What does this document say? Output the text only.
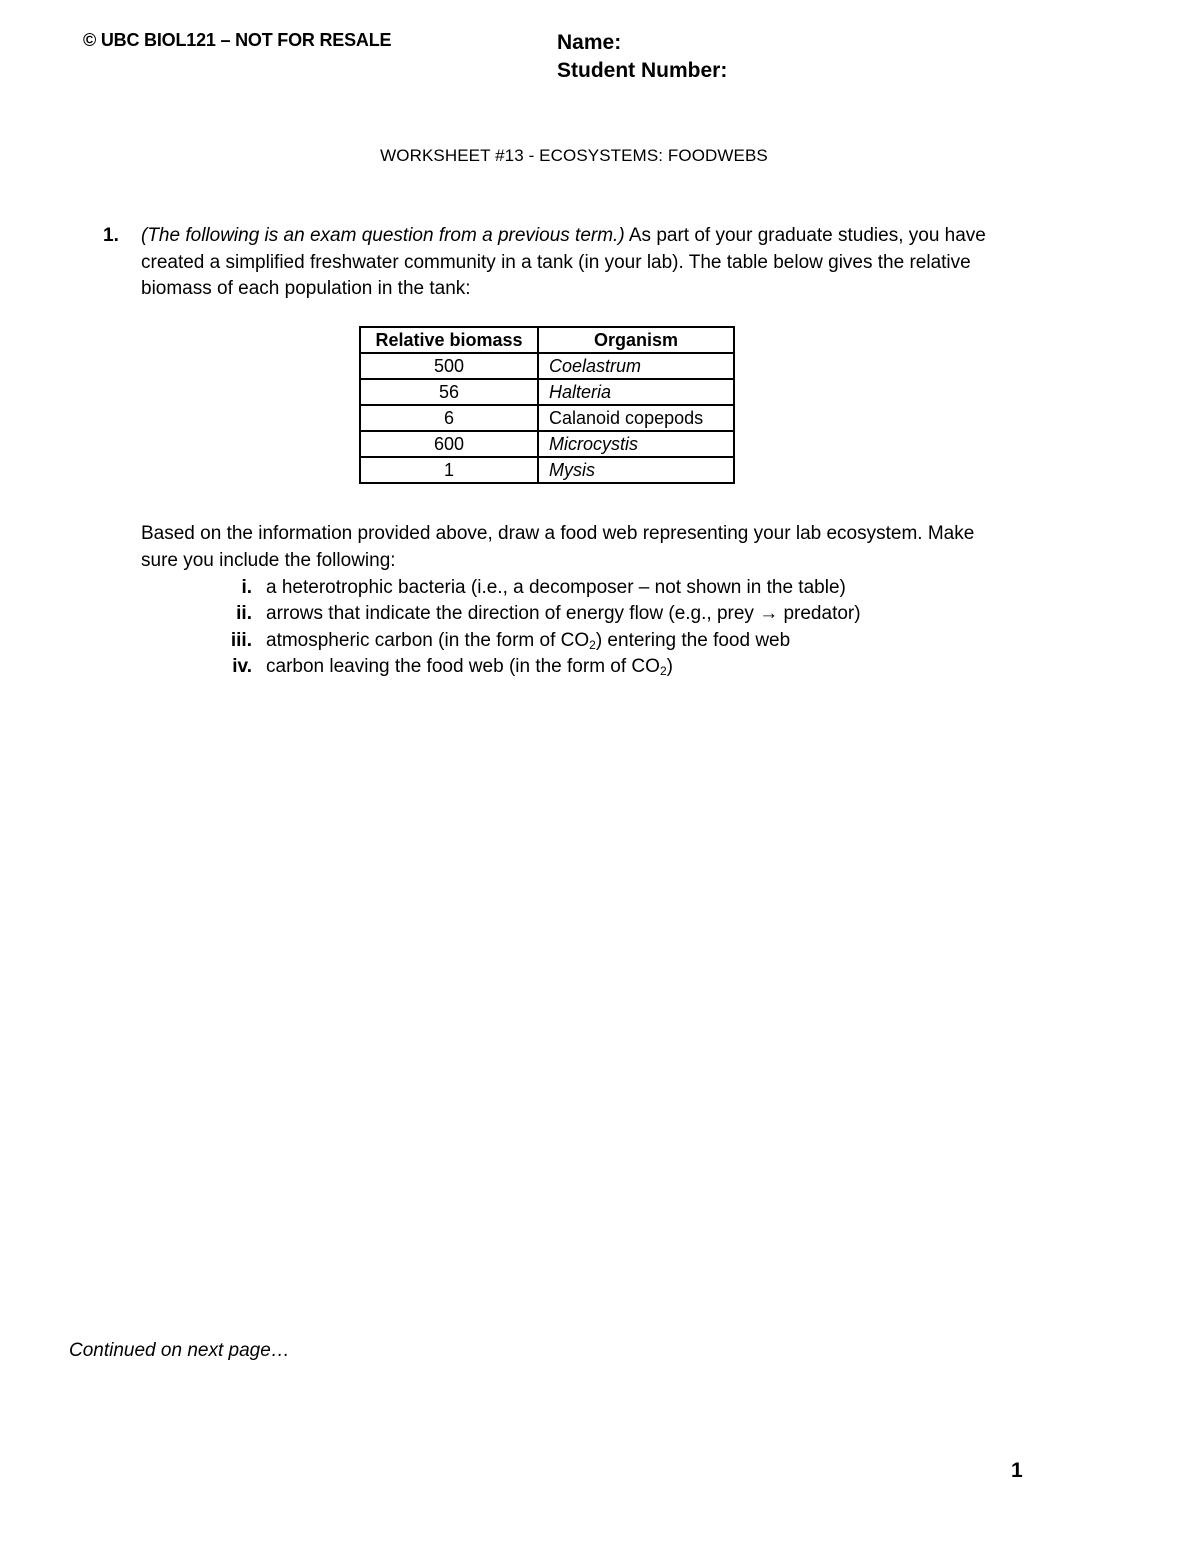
© UBC BIOL121 – NOT FOR RESALE	Name:
Student Number:
WORKSHEET #13 - ECOSYSTEMS: FOODWEBS
1. (The following is an exam question from a previous term.) As part of your graduate studies, you have
created a simplified freshwater community in a tank (in your lab). The table below gives the relative
biomass of each population in the tank:
Relative biomass	Organism
500	Coelastrum
56	Halteria
6	Calanoid copepods
600	Microcystis
1	Mysis
Based on the information provided above, draw a food web representing your lab ecosystem. Make
sure you include the following:
i. a heterotrophic bacteria (i.e., a decomposer – not shown in the table)
ii. arrows that indicate the direction of energy flow (e.g., prey → predator)
iii. atmospheric carbon (in the form of $CO_2$) entering the food web
iv. carbon leaving the food web (in the form of $CO_2$)
Continued on next page…
1
